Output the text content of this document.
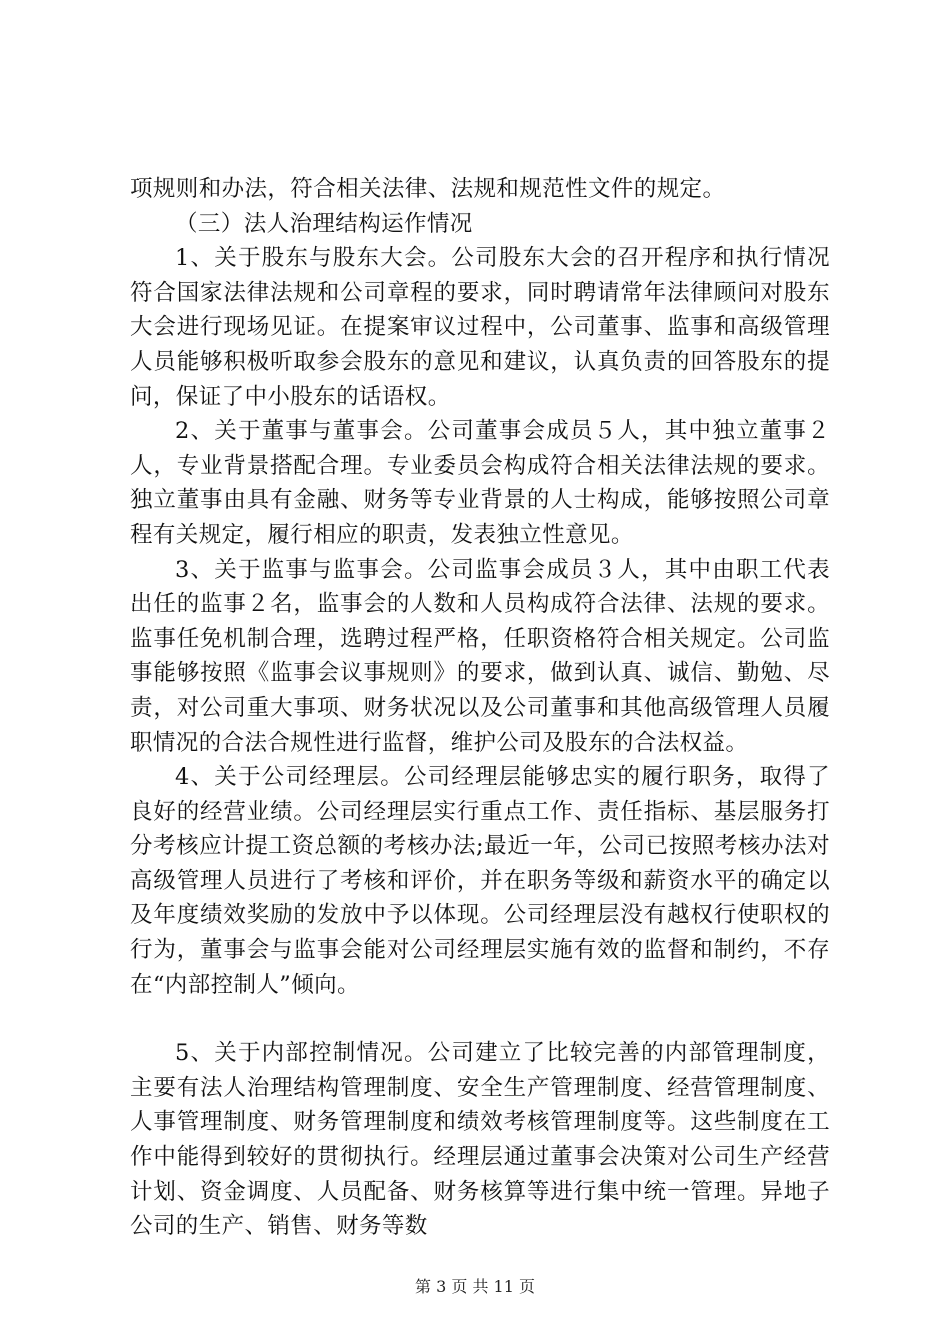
项规则和办法，符合相关法律、法规和规范性文件的规定。

（三）法人治理结构运作情况

1、关于股东与股东大会。公司股东大会的召开程序和执行情况符合国家法律法规和公司章程的要求，同时聘请常年法律顾问对股东大会进行现场见证。在提案审议过程中，公司董事、监事和高级管理人员能够积极听取参会股东的意见和建议，认真负责的回答股东的提问，保证了中小股东的话语权。

2、关于董事与董事会。公司董事会成员５人，其中独立董事２人，专业背景搭配合理。专业委员会构成符合相关法律法规的要求。独立董事由具有金融、财务等专业背景的人士构成，能够按照公司章程有关规定，履行相应的职责，发表独立性意见。

3、关于监事与监事会。公司监事会成员３人，其中由职工代表出任的监事２名，监事会的人数和人员构成符合法律、法规的要求。监事任免机制合理，选聘过程严格，任职资格符合相关规定。公司监事能够按照《监事会议事规则》的要求，做到认真、诚信、勤勉、尽责，对公司重大事项、财务状况以及公司董事和其他高级管理人员履职情况的合法合规性进行监督，维护公司及股东的合法权益。

4、关于公司经理层。公司经理层能够忠实的履行职务，取得了良好的经营业绩。公司经理层实行重点工作、责任指标、基层服务打分考核应计提工资总额的考核办法;最近一年，公司已按照考核办法对高级管理人员进行了考核和评价，并在职务等级和薪资水平的确定以及年度绩效奖励的发放中予以体现。公司经理层没有越权行使职权的行为，董事会与监事会能对公司经理层实施有效的监督和制约，不存在“内部控制人”倾向。

5、关于内部控制情况。公司建立了比较完善的内部管理制度，主要有法人治理结构管理制度、安全生产管理制度、经营管理制度、人事管理制度、财务管理制度和绩效考核管理制度等。这些制度在工作中能得到较好的贯彻执行。经理层通过董事会决策对公司生产经营计划、资金调度、人员配备、财务核算等进行集中统一管理。异地子公司的生产、销售、财务等数

第 3 页 共 11 页
